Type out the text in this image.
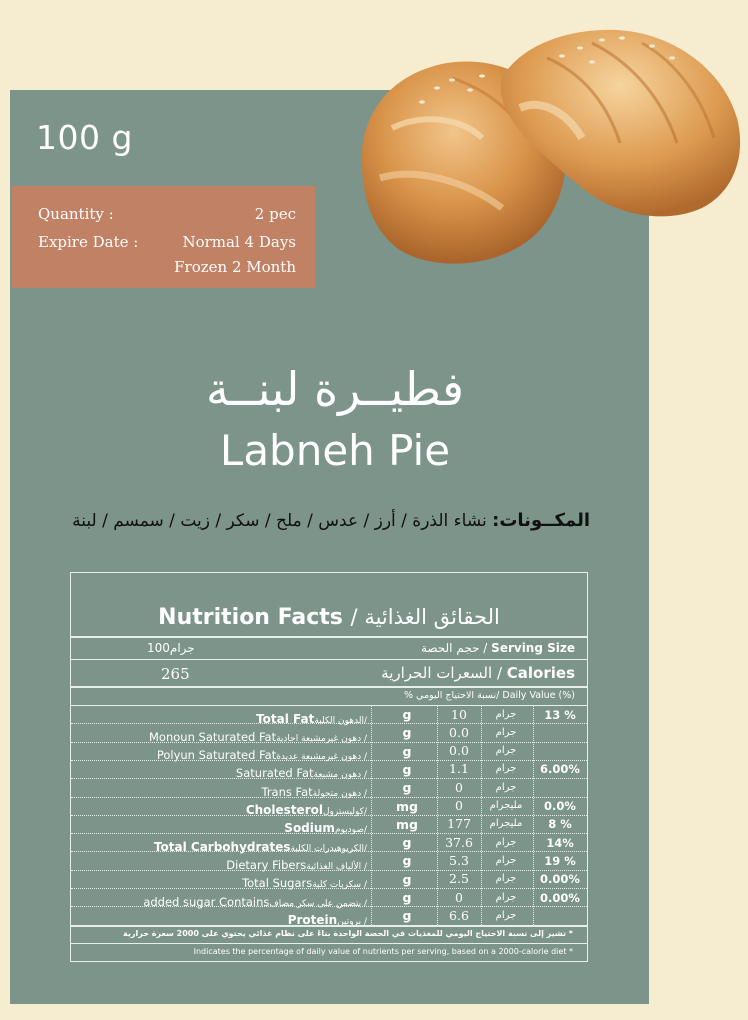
100 g
Quantity :	2 pec
Expire Date :	Normal 4 Days
Frozen 2 Month
فطيــرة لبنــة
Labneh Pie
المكــونات: نشاء الذرة / أرز / عدس / ملح / سكر / زيت / سمسم / لبنة
Nutrition Facts / الحقائق الغذائية
100جرام	حجم الحصة / Serving Size
265	السعرات الحرارية / Calories
% نسبة الاحتياج اليومي/ Daily Value (%)
Total Fat/الدهون الكلية	g	10	جرام	13 %
Monoun Saturated Fat/ دهون غيرمشبعة احادية	g	0.0	جرام
Polyun Saturated Fat/ دهون غيرمشبعة عديدة	g	0.0	جرام
Saturated Fat/ دهون مشبعة	g	1.1	جرام	6.00%
Trans Fat/ دهون متحولة	g	0	جرام
Cholesterol/كوليسترول	mg	0	مليجرام	0.0%
Sodium/صوديوم	mg	177	مليجرام	8 %
Total Carbohydrates/الكربوهيدرات الكلية	g	37.6	جرام	14%
Dietary Fibers/ الألياف الغذائية	g	5.3	جرام	19 %
Total Sugars/ سكريات كلية	g	2.5	جرام	0.00%
added sugar Contains/ يتضمن على سكر مضاف	g	0	جرام	0.00%
Protein/ بروتين	g	6.6	جرام
* تشير إلى نسبة الاحتياج اليومي للمغذيات في الحصة الواحدة بناءً على نظام غذائي يحتوي على 2000 سعرة حرارية
Indicates the percentage of daily value of nutrients per serving, based on a 2000-calorie diet *
